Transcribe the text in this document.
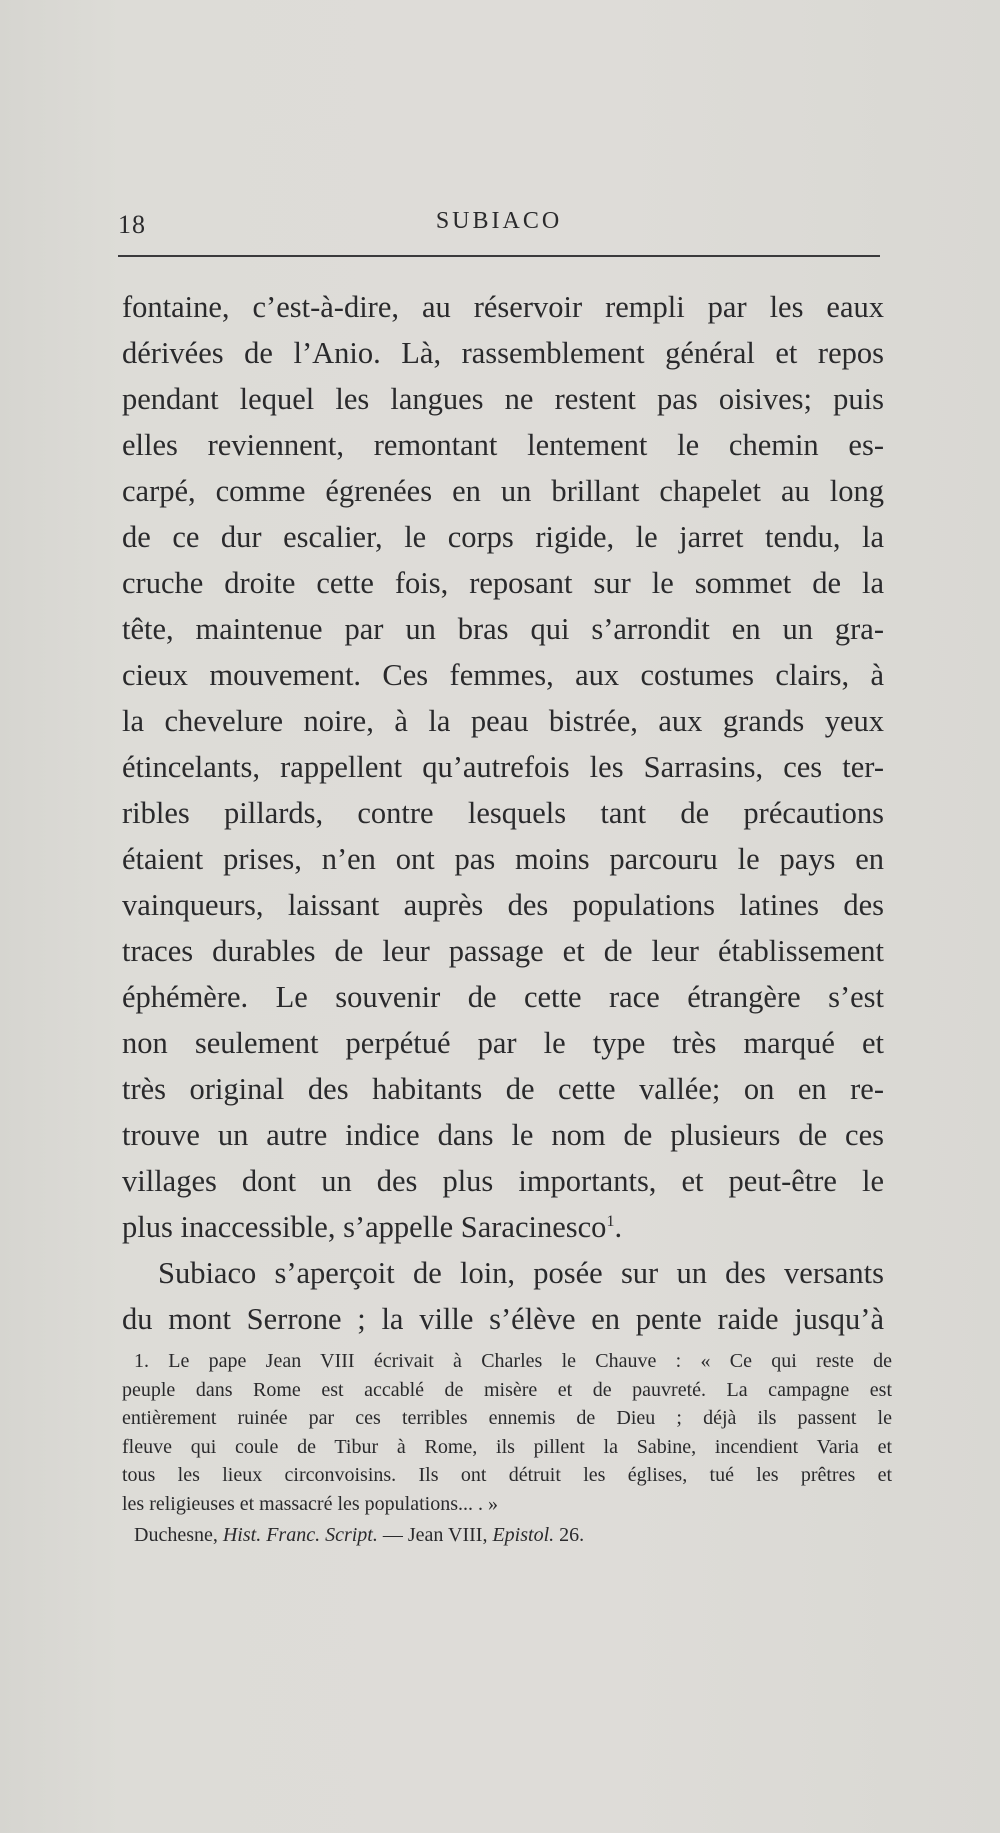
18	SUBIACO
fontaine, c’est-à-dire, au réservoir rempli par les eaux
dérivées de l’Anio. Là, rassemblement général et repos
pendant lequel les langues ne restent pas oisives; puis
elles reviennent, remontant lentement le chemin es-
carpé, comme égrenées en un brillant chapelet au long
de ce dur escalier, le corps rigide, le jarret tendu, la
cruche droite cette fois, reposant sur le sommet de la
tête, maintenue par un bras qui s’arrondit en un gra-
cieux mouvement. Ces femmes, aux costumes clairs, à
la chevelure noire, à la peau bistrée, aux grands yeux
étincelants, rappellent qu’autrefois les Sarrasins, ces ter-
ribles pillards, contre lesquels tant de précautions
étaient prises, n’en ont pas moins parcouru le pays en
vainqueurs, laissant auprès des populations latines des
traces durables de leur passage et de leur établissement
éphémère. Le souvenir de cette race étrangère s’est
non seulement perpétué par le type très marqué et
très original des habitants de cette vallée; on en re-
trouve un autre indice dans le nom de plusieurs de ces
villages dont un des plus importants, et peut-être le
plus inaccessible, s’appelle Saracinesco$^1$.
Subiaco s’aperçoit de loin, posée sur un des versants
du mont Serrone ; la ville s’élève en pente raide jusqu’à
1. Le pape Jean VIII écrivait à Charles le Chauve : « Ce qui reste de
peuple dans Rome est accablé de misère et de pauvreté. La campagne est
entièrement ruinée par ces terribles ennemis de Dieu ; déjà ils passent le
fleuve qui coule de Tibur à Rome, ils pillent la Sabine, incendient Varia et
tous les lieux circonvoisins. Ils ont détruit les églises, tué les prêtres et
les religieuses et massacré les populations... . »
Duchesne, Hist. Franc. Script. — Jean VIII, Epistol. 26.
